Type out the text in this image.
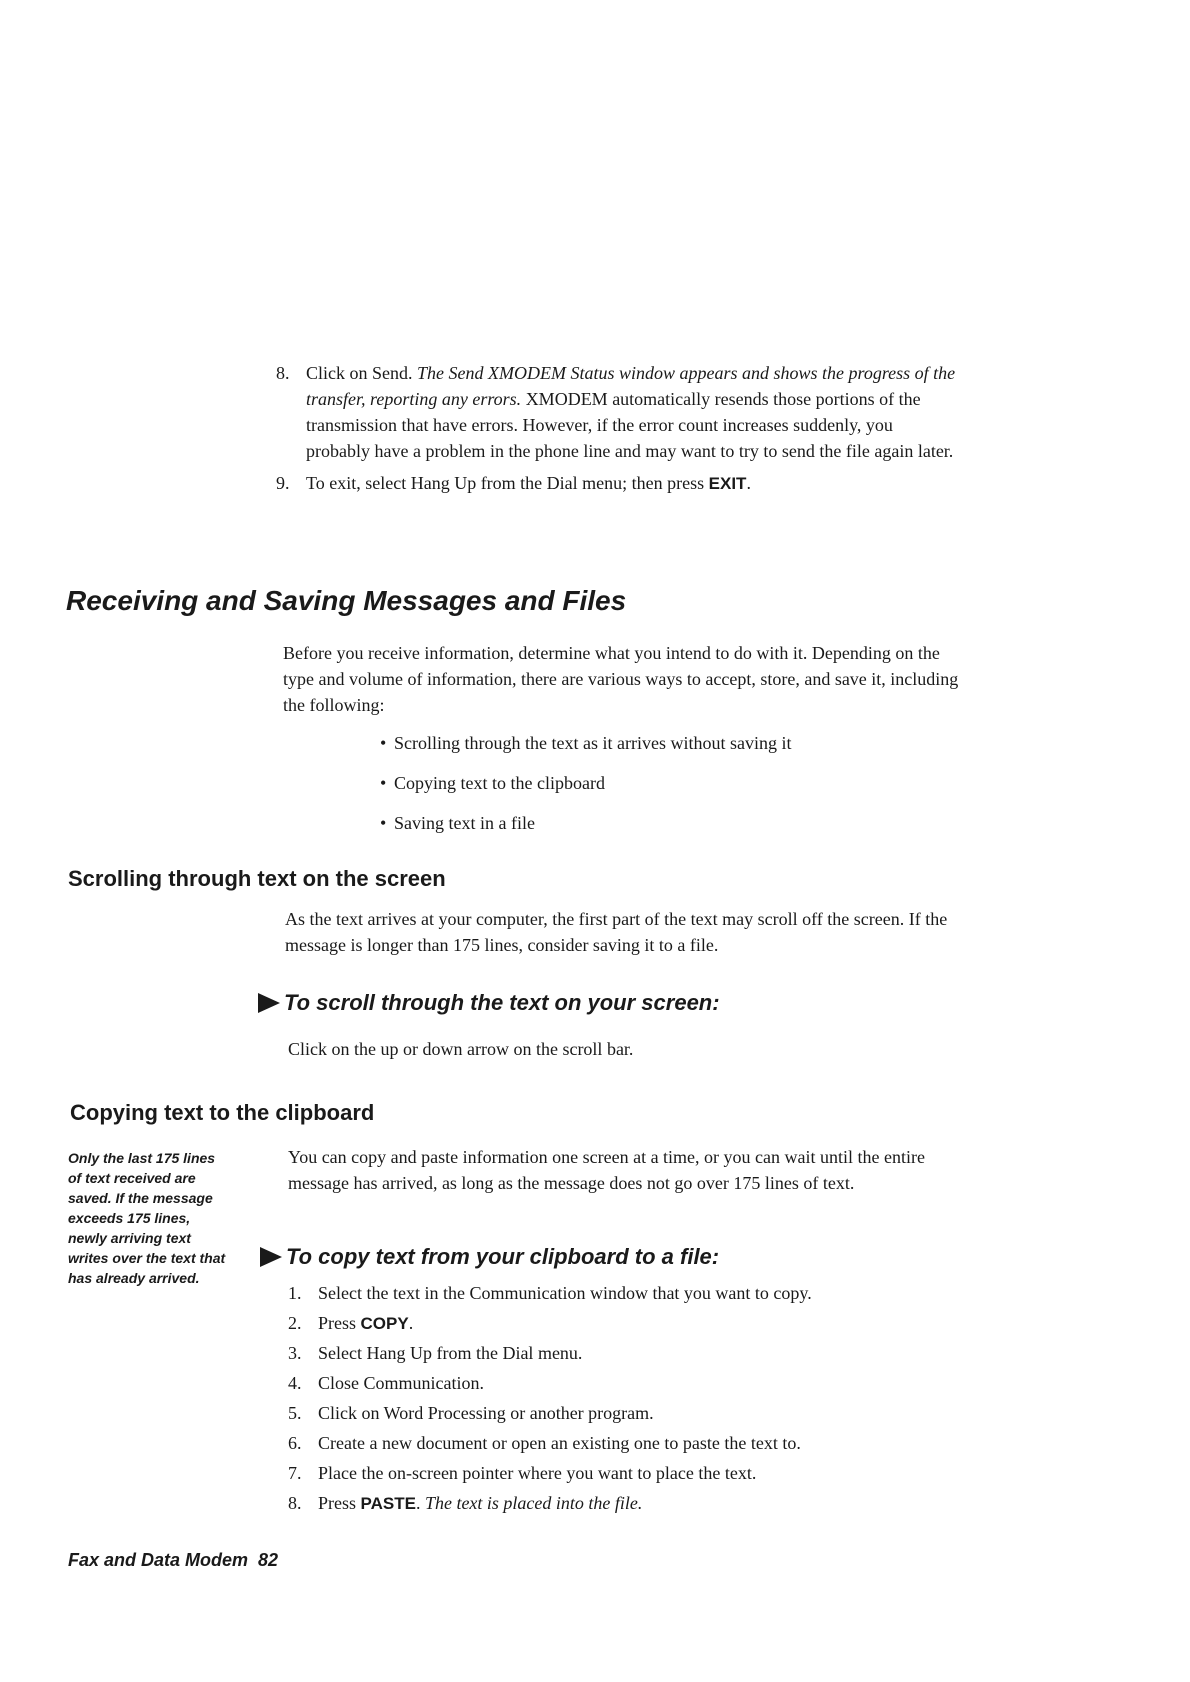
8. Click on Send. The Send XMODEM Status window appears and shows the progress of the transfer, reporting any errors. XMODEM automatically resends those portions of the transmission that have errors. However, if the error count increases suddenly, you probably have a problem in the phone line and may want to try to send the file again later.
9. To exit, select Hang Up from the Dial menu; then press EXIT.
Receiving and Saving Messages and Files
Before you receive information, determine what you intend to do with it. Depending on the type and volume of information, there are various ways to accept, store, and save it, including the following:
• Scrolling through the text as it arrives without saving it
• Copying text to the clipboard
• Saving text in a file
Scrolling through text on the screen
As the text arrives at your computer, the first part of the text may scroll off the screen. If the message is longer than 175 lines, consider saving it to a file.
To scroll through the text on your screen:
Click on the up or down arrow on the scroll bar.
Copying text to the clipboard
Only the last 175 lines of text received are saved. If the message exceeds 175 lines, newly arriving text writes over the text that has already arrived.
You can copy and paste information one screen at a time, or you can wait until the entire message has arrived, as long as the message does not go over 175 lines of text.
To copy text from your clipboard to a file:
1. Select the text in the Communication window that you want to copy.
2. Press COPY.
3. Select Hang Up from the Dial menu.
4. Close Communication.
5. Click on Word Processing or another program.
6. Create a new document or open an existing one to paste the text to.
7. Place the on-screen pointer where you want to place the text.
8. Press PASTE. The text is placed into the file.
Fax and Data Modem  82
